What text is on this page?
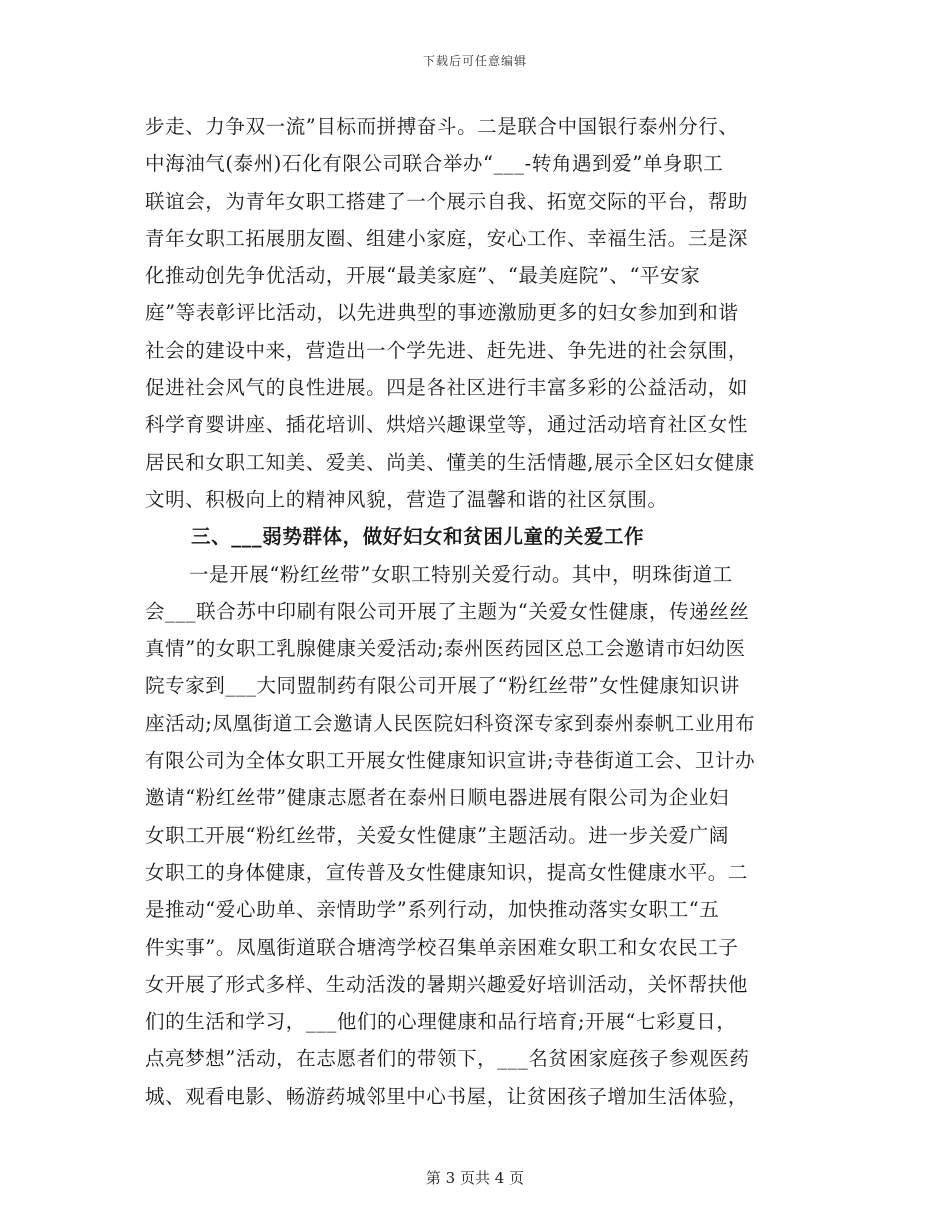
下载后可任意编辑
步走、力争双一流”目标而拼搏奋斗。二是联合中国银行泰州分行、
中海油气(泰州)石化有限公司联合举办“___-转角遇到爱”单身职工
联谊会，为青年女职工搭建了一个展示自我、拓宽交际的平台，帮助
青年女职工拓展朋友圈、组建小家庭，安心工作、幸福生活。三是深
化推动创先争优活动，开展“最美家庭”、“最美庭院”、“平安家
庭”等表彰评比活动，以先进典型的事迹激励更多的妇女参加到和谐
社会的建设中来，营造出一个学先进、赶先进、争先进的社会氛围，
促进社会风气的良性进展。四是各社区进行丰富多彩的公益活动，如
科学育婴讲座、插花培训、烘焙兴趣课堂等，通过活动培育社区女性
居民和女职工知美、爱美、尚美、懂美的生活情趣,展示全区妇女健康
文明、积极向上的精神风貌，营造了温馨和谐的社区氛围。
三、___弱势群体，做好妇女和贫困儿童的关爱工作
一是开展“粉红丝带”女职工特别关爱行动。其中，明珠街道工
会___联合苏中印刷有限公司开展了主题为“关爱女性健康，传递丝丝
真情”的女职工乳腺健康关爱活动;泰州医药园区总工会邀请市妇幼医
院专家到___大同盟制药有限公司开展了“粉红丝带”女性健康知识讲
座活动;凤凰街道工会邀请人民医院妇科资深专家到泰州泰帆工业用布
有限公司为全体女职工开展女性健康知识宣讲;寺巷街道工会、卫计办
邀请“粉红丝带”健康志愿者在泰州日顺电器进展有限公司为企业妇
女职工开展“粉红丝带，关爱女性健康”主题活动。进一步关爱广阔
女职工的身体健康，宣传普及女性健康知识，提高女性健康水平。二
是推动“爱心助单、亲情助学”系列行动，加快推动落实女职工“五
件实事”。凤凰街道联合塘湾学校召集单亲困难女职工和女农民工子
女开展了形式多样、生动活泼的暑期兴趣爱好培训活动，关怀帮扶他
们的生活和学习，___他们的心理健康和品行培育;开展“七彩夏日，
点亮梦想”活动，在志愿者们的带领下，___名贫困家庭孩子参观医药
城、观看电影、畅游药城邻里中心书屋，让贫困孩子增加生活体验，
第 3 页共 4 页
